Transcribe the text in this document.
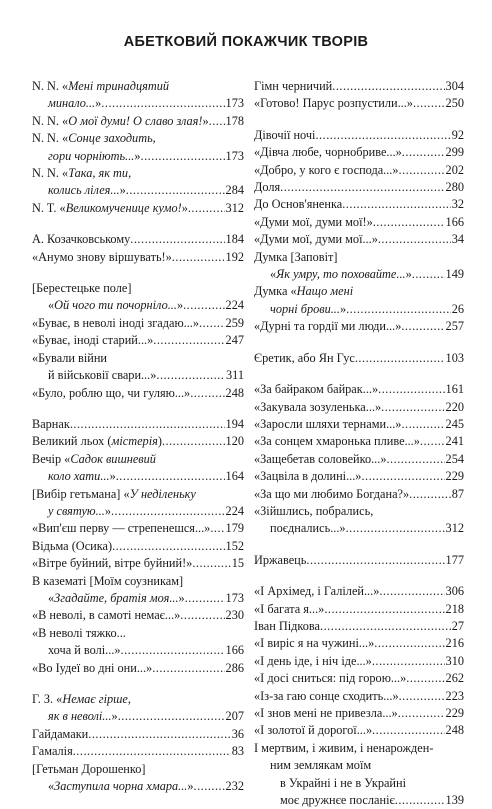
АБЕТКОВИЙ ПОКАЖЧИК ТВОРІВ
N. N. «Мені тринадцятий
минало...» .....	173
N. N. «О мої думи! О славо злая!» ..... 178
N. N. «Сонце заходить,
гори чорніють...» .....	173
N. N. «Така, як ти,
колись лілея...» .....	284
N. T. «Великомученице кумо!» .....	312
А. Козачковському .....	184
«Анумо знову віршувать!» .....	192
[Берестецьке поле]
«Ой чого ти почорніло...» .....	224
«Буває, в неволі іноді згадаю...» ..... 259
«Буває, іноді старий...» .....	247
«Бували війни
й військовії свари...» .....	311
«Було, роблю що, чи гуляю...» .....	248
Варнак .....	194
Великий льох (містерія) .....	120
Вечір «Садок вишневий
коло хати...» .....	164
[Вибір гетьмана] «У неділеньку
у святую...» .....	224
«Вип'єш перву — стрепенешся...» ..... 179
Відьма (Осика) .....	152
«Вітре буйний, вітре буйний!» .....	15
В казематі [Моїм соузникам]
«Згадайте, братія моя...» .....	173
«В неволі, в самоті немає...» .....	230
«В неволі тяжко...
хоча й волі...» .....	166
«Во Іудеї во дні они...» .....	286
Г. З. «Немає гірше,
як в неволі...» .....	207
Гайдамаки .....	36
Гамалія .....	83
[Гетьман Дорошенко]
«Заступила чорна хмара...» .....	232
Гімн черничий .....	304
«Готово! Парус розпустили...» .....	250
Дівочії ночі .....	92
«Дівча любе, чорнобриве...» .....	299
«Добро, у кого є господа...» .....	202
Доля .....	280
До Основ'яненка .....	32
«Думи мої, думи мої!» .....	166
«Думи мої, думи мої...» .....	34
Думка [Заповіт]
«Як умру, то поховайте...» .....	149
Думка «Нащо мені
чорні брови...» .....	26
«Дурні та гордії ми люди...» .....	257
Єретик, або Ян Гус .....	103
«За байраком байрак...» .....	161
«Закувала зозуленька...» .....	220
«Заросли шляхи тернами...» .....	245
«За сонцем хмаронька пливе...» ..... 241
«Защебетав соловейко...» .....	254
«Зацвіла в долині...» .....	229
«За що ми любимо Богдана?» .....	87
«Зійшлись, побрались,
поєднались...» .....	312
Иржавець .....	177
«І Архімед, і Галілей...» .....	306
«І багата я...» .....	218
Іван Підкова .....	27
«І виріс я на чужині...» .....	216
«І день іде, і ніч іде...» .....	310
«І досі сниться: під горою...» .....	262
«Із-за гаю сонце сходить...» .....	223
«І знов мені не привезла...» .....	229
«І золотої й дорогої...» .....	248
І мертвим, і живим, і ненарожден-
ним землякам моїм
в Украйні і не в Украйні
моє дружнєе посланіє .....	139
